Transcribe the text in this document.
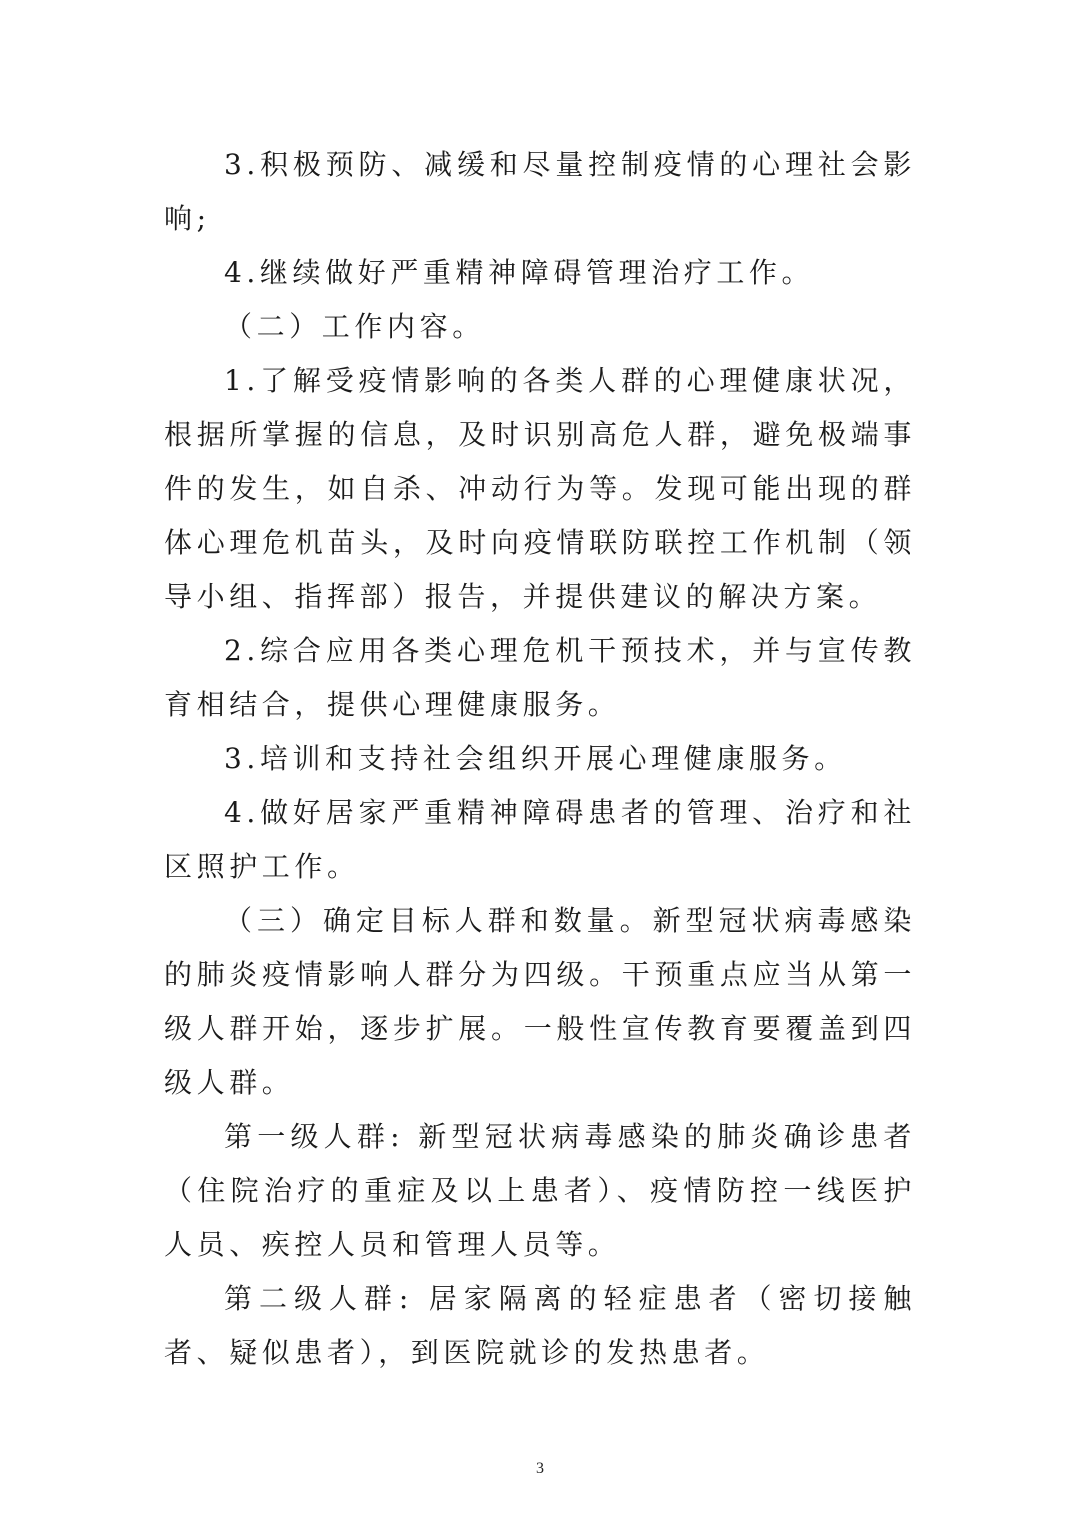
3.积极预防、减缓和尽量控制疫情的心理社会影响;

4.继续做好严重精神障碍管理治疗工作。

（二）工作内容。

1.了解受疫情影响的各类人群的心理健康状况，根据所掌握的信息，及时识别高危人群，避免极端事件的发生，如自杀、冲动行为等。发现可能出现的群体心理危机苗头，及时向疫情联防联控工作机制（领导小组、指挥部）报告，并提供建议的解决方案。

2.综合应用各类心理危机干预技术，并与宣传教育相结合，提供心理健康服务。

3.培训和支持社会组织开展心理健康服务。

4.做好居家严重精神障碍患者的管理、治疗和社区照护工作。

（三）确定目标人群和数量。新型冠状病毒感染的肺炎疫情影响人群分为四级。干预重点应当从第一级人群开始，逐步扩展。一般性宣传教育要覆盖到四级人群。

第一级人群: 新型冠状病毒感染的肺炎确诊患者（住院治疗的重症及以上患者）、疫情防控一线医护人员、疾控人员和管理人员等。

第二级人群: 居家隔离的轻症患者（密切接触者、疑似患者），到医院就诊的发热患者。

3
